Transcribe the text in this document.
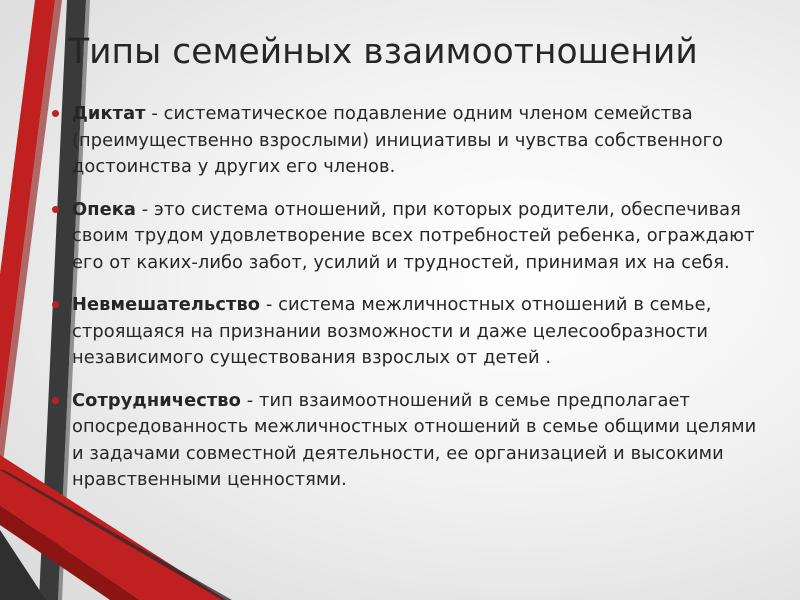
Типы семейных взаимоотношений
Диктат - систематическое подавление одним членом семейства (преимущественно взрослыми) инициативы и чувства собственного достоинства у других его членов.
Опека - это система отношений, при которых родители, обеспечивая своим трудом удовлетворение всех потребностей ребенка, ограждают его от каких-либо забот, усилий и трудностей, принимая их на себя.
Невмешательство - система межличностных отношений в семье, строящаяся на признании возможности и даже целесообразности независимого существования взрослых от детей .
Сотрудничество - тип взаимоотношений в семье предполагает опосредованность межличностных отношений в семье общими целями и задачами совместной деятельности, ее организацией и высокими нравственными ценностями.
